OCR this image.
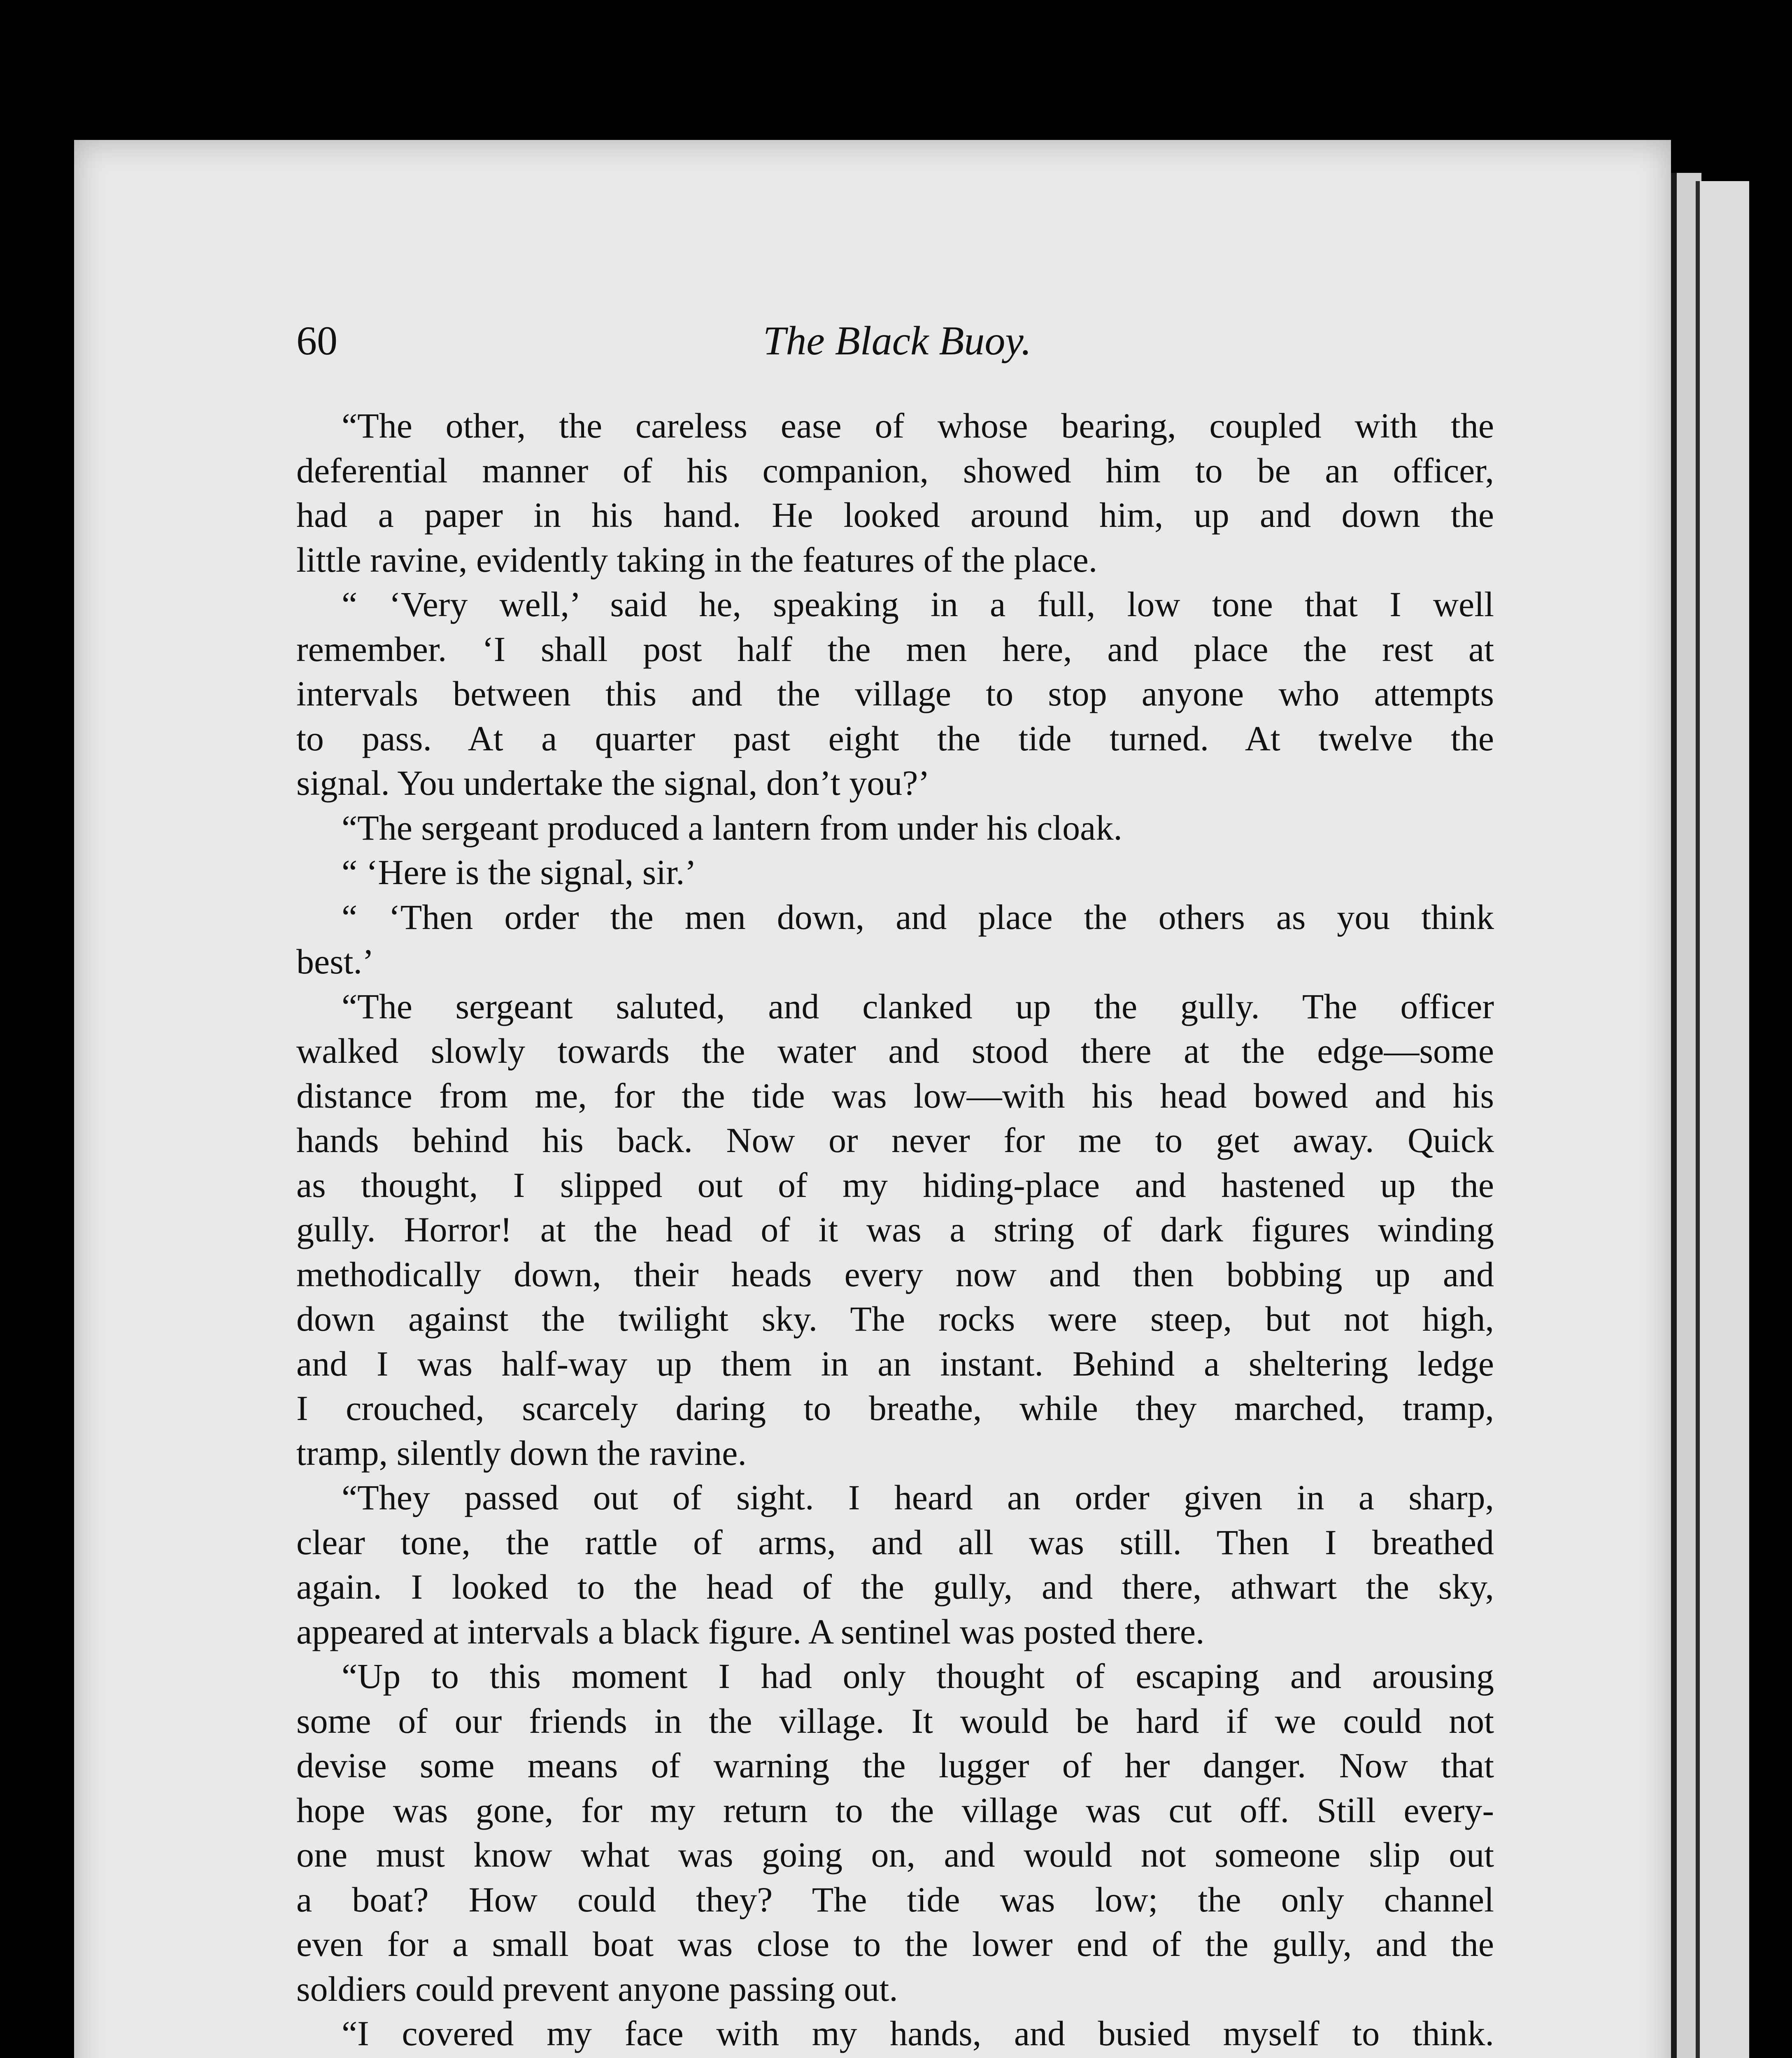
60	The Black Buoy.
“The other, the careless ease of whose bearing, coupled with the
deferential manner of his companion, showed him to be an officer,
had a paper in his hand. He looked around him, up and down the
little ravine, evidently taking in the features of the place.
“ ‘Very well,’ said he, speaking in a full, low tone that I well
remember. ‘I shall post half the men here, and place the rest at
intervals between this and the village to stop anyone who attempts
to pass. At a quarter past eight the tide turned. At twelve the
signal. You undertake the signal, don’t you?’
“The sergeant produced a lantern from under his cloak.
“ ‘Here is the signal, sir.’
“ ‘Then order the men down, and place the others as you think
best.’
“The sergeant saluted, and clanked up the gully. The officer
walked slowly towards the water and stood there at the edge—some
distance from me, for the tide was low—with his head bowed and his
hands behind his back. Now or never for me to get away. Quick
as thought, I slipped out of my hiding-place and hastened up the
gully. Horror! at the head of it was a string of dark figures winding
methodically down, their heads every now and then bobbing up and
down against the twilight sky. The rocks were steep, but not high,
and I was half-way up them in an instant. Behind a sheltering ledge
I crouched, scarcely daring to breathe, while they marched, tramp,
tramp, silently down the ravine.
“They passed out of sight. I heard an order given in a sharp,
clear tone, the rattle of arms, and all was still. Then I breathed
again. I looked to the head of the gully, and there, athwart the sky,
appeared at intervals a black figure. A sentinel was posted there.
“Up to this moment I had only thought of escaping and arousing
some of our friends in the village. It would be hard if we could not
devise some means of warning the lugger of her danger. Now that
hope was gone, for my return to the village was cut off. Still every-
one must know what was going on, and would not someone slip out
a boat? How could they? The tide was low; the only channel
even for a small boat was close to the lower end of the gully, and the
soldiers could prevent anyone passing out.
“I covered my face with my hands, and busied myself to think.
